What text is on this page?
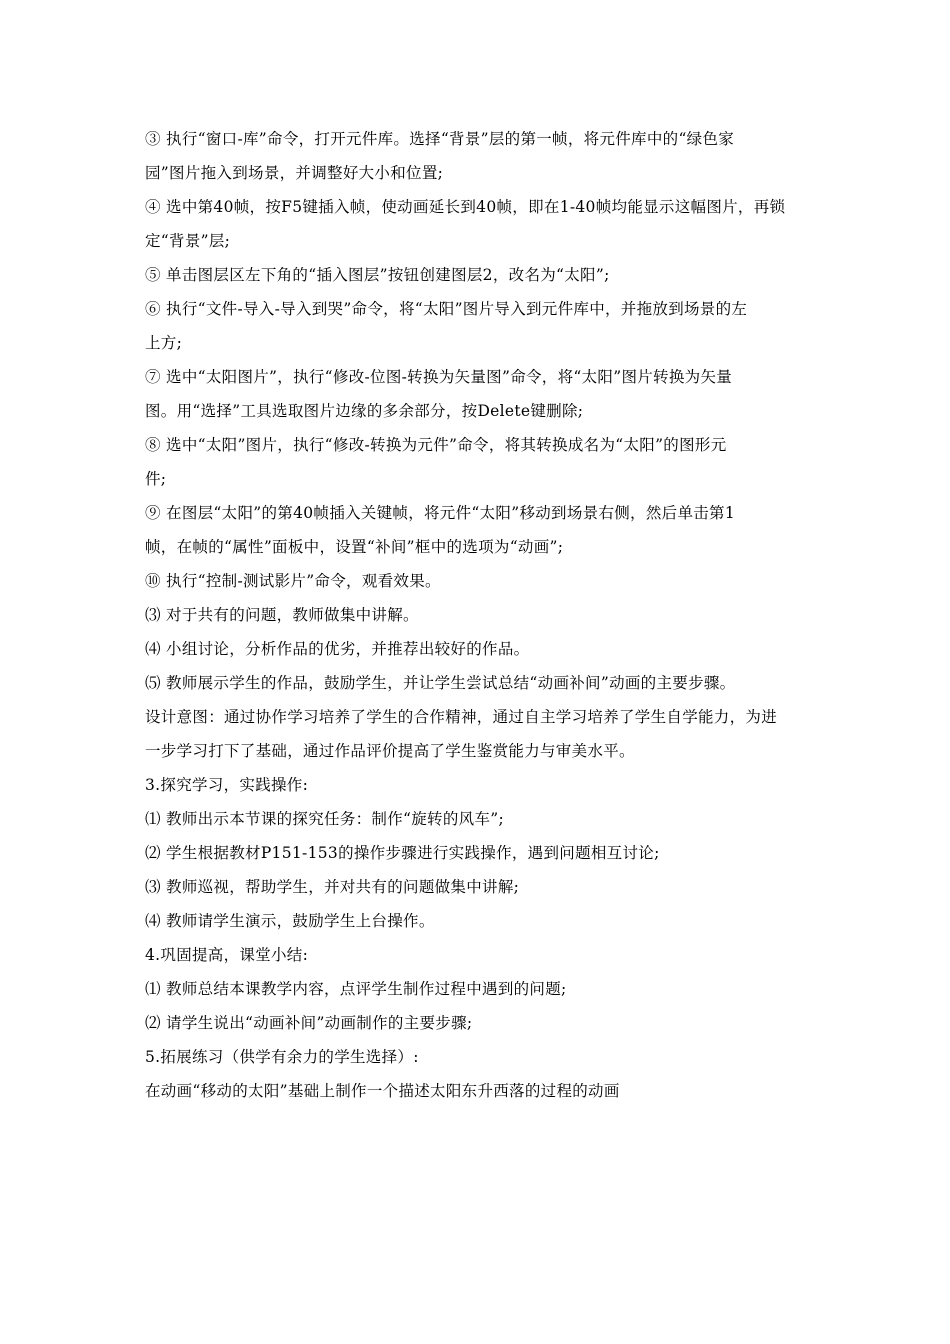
③ 执行“窗口-库”命令，打开元件库。选择“背景”层的第一帧，将元件库中的“绿色家
园”图片拖入到场景，并调整好大小和位置;
④ 选中第40帧，按F5键插入帧，使动画延长到40帧，即在1-40帧均能显示这幅图片，再锁
定“背景”层;
⑤ 单击图层区左下角的“插入图层”按钮创建图层2，改名为“太阳”;
⑥ 执行“文件-导入-导入到哭”命令，将“太阳”图片导入到元件库中，并拖放到场景的左
上方;
⑦ 选中“太阳图片”，执行“修改-位图-转换为矢量图”命令，将“太阳”图片转换为矢量
图。用“选择”工具选取图片边缘的多余部分，按Delete键删除;
⑧ 选中“太阳”图片，执行“修改-转换为元件”命令，将其转换成名为“太阳”的图形元
件;
⑨ 在图层“太阳”的第40帧插入关键帧，将元件“太阳”移动到场景右侧，然后单击第1
帧，在帧的“属性”面板中，设置“补间”框中的选项为“动画”;
⑩ 执行“控制-测试影片”命令，观看效果。
⑶ 对于共有的问题，教师做集中讲解。
⑷ 小组讨论，分析作品的优劣，并推荐出较好的作品。
⑸ 教师展示学生的作品，鼓励学生，并让学生尝试总结“动画补间”动画的主要步骤。
设计意图：通过协作学习培养了学生的合作精神，通过自主学习培养了学生自学能力，为进
一步学习打下了基础，通过作品评价提高了学生鉴赏能力与审美水平。
3.探究学习，实践操作:
⑴ 教师出示本节课的探究任务：制作“旋转的风车”;
⑵ 学生根据教材P151-153的操作步骤进行实践操作，遇到问题相互讨论;
⑶ 教师巡视，帮助学生，并对共有的问题做集中讲解;
⑷ 教师请学生演示，鼓励学生上台操作。
4.巩固提高，课堂小结:
⑴ 教师总结本课教学内容，点评学生制作过程中遇到的问题;
⑵ 请学生说出“动画补间”动画制作的主要步骤;
5.拓展练习（供学有余力的学生选择）:
在动画“移动的太阳”基础上制作一个描述太阳东升西落的过程的动画
